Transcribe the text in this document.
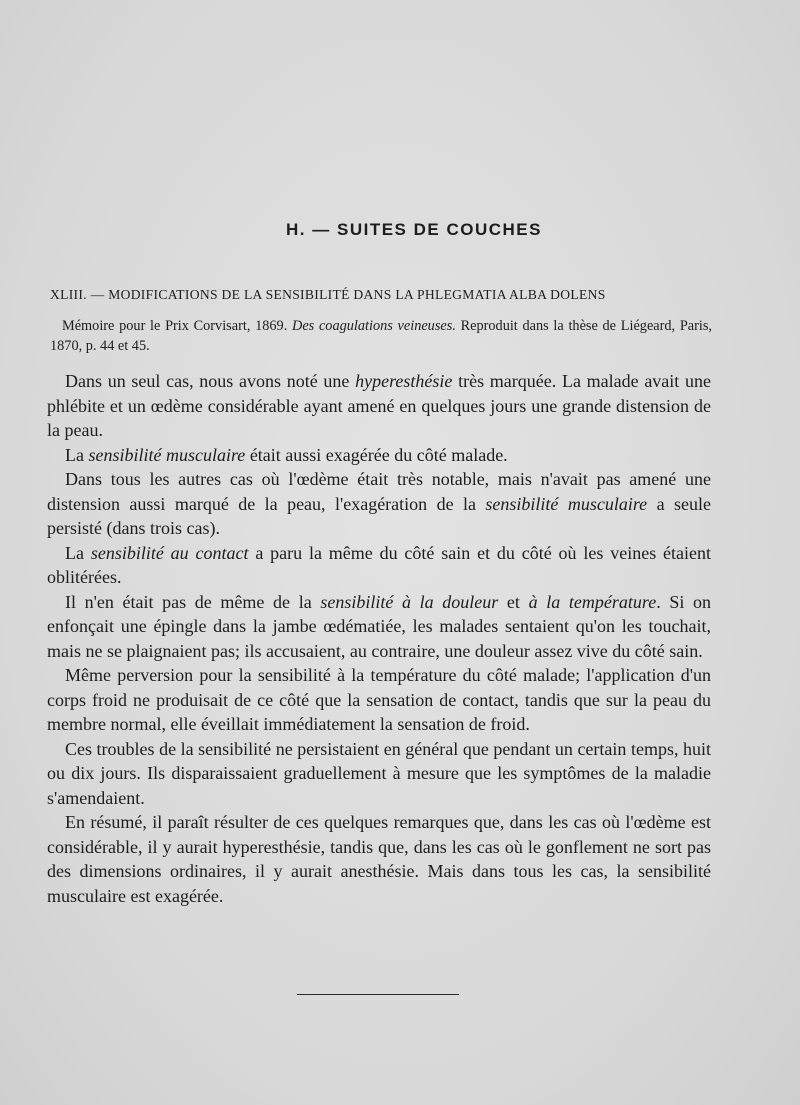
H. — SUITES DE COUCHES
XLIII. — MODIFICATIONS DE LA SENSIBILITÉ DANS LA PHLEGMATIA ALBA DOLENS
Mémoire pour le Prix Corvisart, 1869. Des coagulations veineuses. Reproduit dans la thèse de Liégeard, Paris, 1870, p. 44 et 45.

Dans un seul cas, nous avons noté une hyperesthésie très marquée. La malade avait une phlébite et un œdème considérable ayant amené en quelques jours une grande distension de la peau.

La sensibilité musculaire était aussi exagérée du côté malade.

Dans tous les autres cas où l'œdème était très notable, mais n'avait pas amené une distension aussi marqué de la peau, l'exagération de la sensibilité musculaire a seule persisté (dans trois cas).

La sensibilité au contact a paru la même du côté sain et du côté où les veines étaient oblitérées.

Il n'en était pas de même de la sensibilité à la douleur et à la température. Si on enfonçait une épingle dans la jambe œdématiée, les malades sentaient qu'on les touchait, mais ne se plaignaient pas; ils accusaient, au contraire, une douleur assez vive du côté sain.

Même perversion pour la sensibilité à la température du côté malade; l'application d'un corps froid ne produisait de ce côté que la sensation de contact, tandis que sur la peau du membre normal, elle éveillait immédiatement la sensation de froid.

Ces troubles de la sensibilité ne persistaient en général que pendant un certain temps, huit ou dix jours. Ils disparaissaient graduellement à mesure que les symptômes de la maladie s'amendaient.

En résumé, il paraît résulter de ces quelques remarques que, dans les cas où l'œdème est considérable, il y aurait hyperesthésie, tandis que, dans les cas où le gonflement ne sort pas des dimensions ordinaires, il y aurait anesthésie. Mais dans tous les cas, la sensibilité musculaire est exagérée.
